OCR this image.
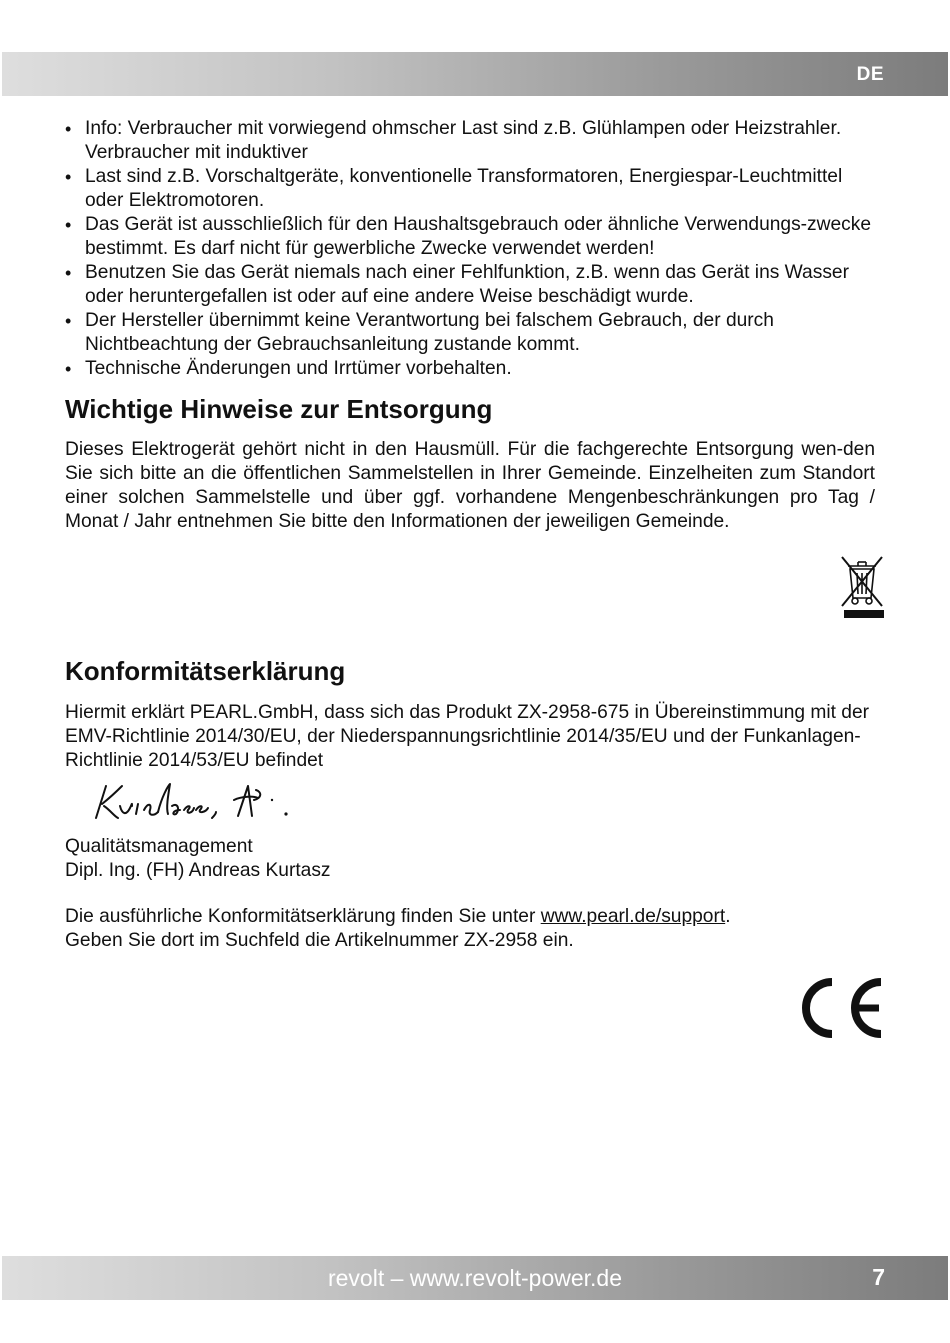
DE
• Info: Verbraucher mit vorwiegend ohmscher Last sind z.B. Glühlampen oder Heizstrahler. Verbraucher mit induktiver
• Last sind z.B. Vorschaltgeräte, konventionelle Transformatoren, Energiespar-Leuchtmittel oder Elektromotoren.
• Das Gerät ist ausschließlich für den Haushaltsgebrauch oder ähnliche Verwendungs-zwecke bestimmt. Es darf nicht für gewerbliche Zwecke verwendet werden!
• Benutzen Sie das Gerät niemals nach einer Fehlfunktion, z.B. wenn das Gerät ins Wasser oder heruntergefallen ist oder auf eine andere Weise beschädigt wurde.
• Der Hersteller übernimmt keine Verantwortung bei falschem Gebrauch, der durch Nichtbeachtung der Gebrauchsanleitung zustande kommt.
• Technische Änderungen und Irrtümer vorbehalten.
Wichtige Hinweise zur Entsorgung

Dieses Elektrogerät gehört nicht in den Hausmüll. Für die fachgerechte Entsorgung wen-den Sie sich bitte an die öffentlichen Sammelstellen in Ihrer Gemeinde. Einzelheiten zum Standort einer solchen Sammelstelle und über ggf. vorhandene Mengenbeschränkungen pro Tag / Monat / Jahr entnehmen Sie bitte den Informationen der jeweiligen Gemeinde.

Konformitätserklärung

Hiermit erklärt PEARL.GmbH, dass sich das Produkt ZX-2958-675 in Übereinstimmung mit der EMV-Richtlinie 2014/30/EU, der Niederspannungsrichtlinie 2014/35/EU und der Funkanlagen-Richtlinie 2014/53/EU befindet

Qualitätsmanagement
Dipl. Ing. (FH) Andreas Kurtasz

Die ausführliche Konformitätserklärung finden Sie unter www.pearl.de/support.
Geben Sie dort im Suchfeld die Artikelnummer ZX-2958 ein.

revolt – www.revolt-power.de	7
